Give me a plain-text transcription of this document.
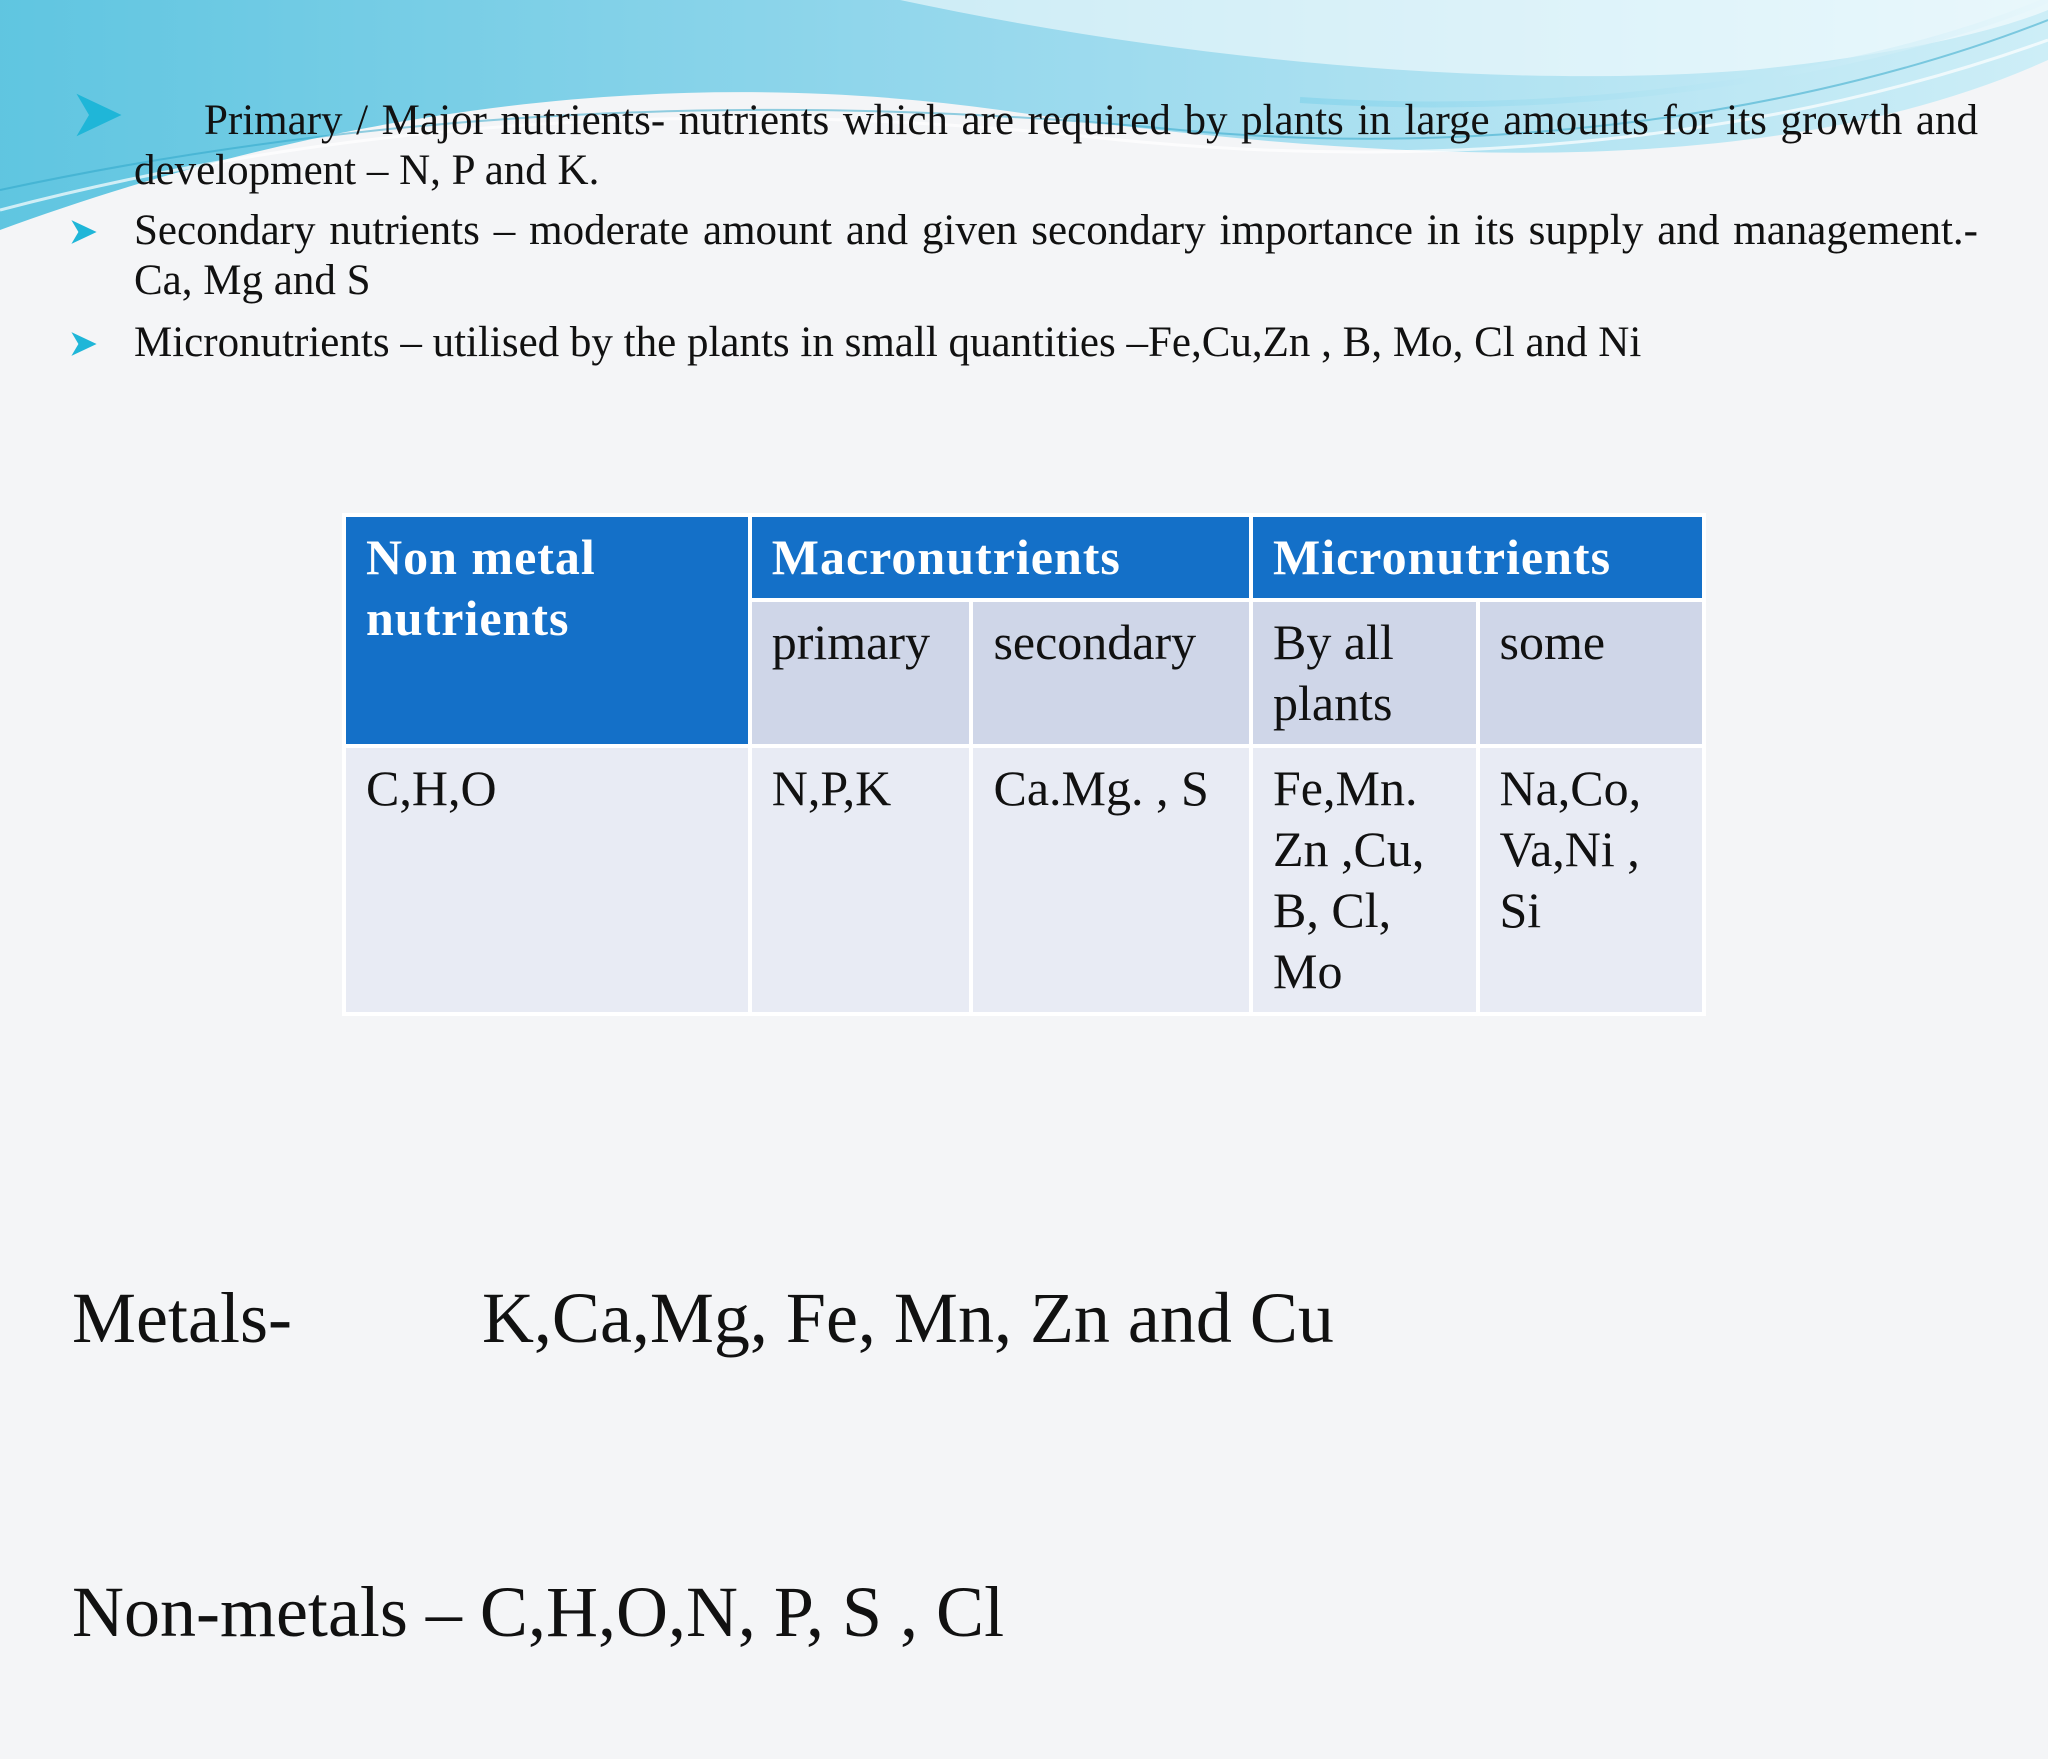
Primary / Major nutrients- nutrients which are required by plants in large amounts for its growth and development – N, P and K.
Secondary nutrients – moderate amount and given secondary importance in its supply and management.-Ca, Mg and S
Micronutrients – utilised by the plants in small quantities –Fe,Cu,Zn , B, Mo, Cl and Ni
Non metal nutrients	Macronutrients		Micronutrients	
	primary	secondary	By all plants	some
C,H,O	N,P,K	Ca.Mg. , S	Fe,Mn. Zn ,Cu, B, Cl, Mo	Na,Co, Va,Ni , Si

Metals-	K,Ca,Mg, Fe, Mn, Zn and Cu

Non-metals – C,H,O,N, P, S , Cl
